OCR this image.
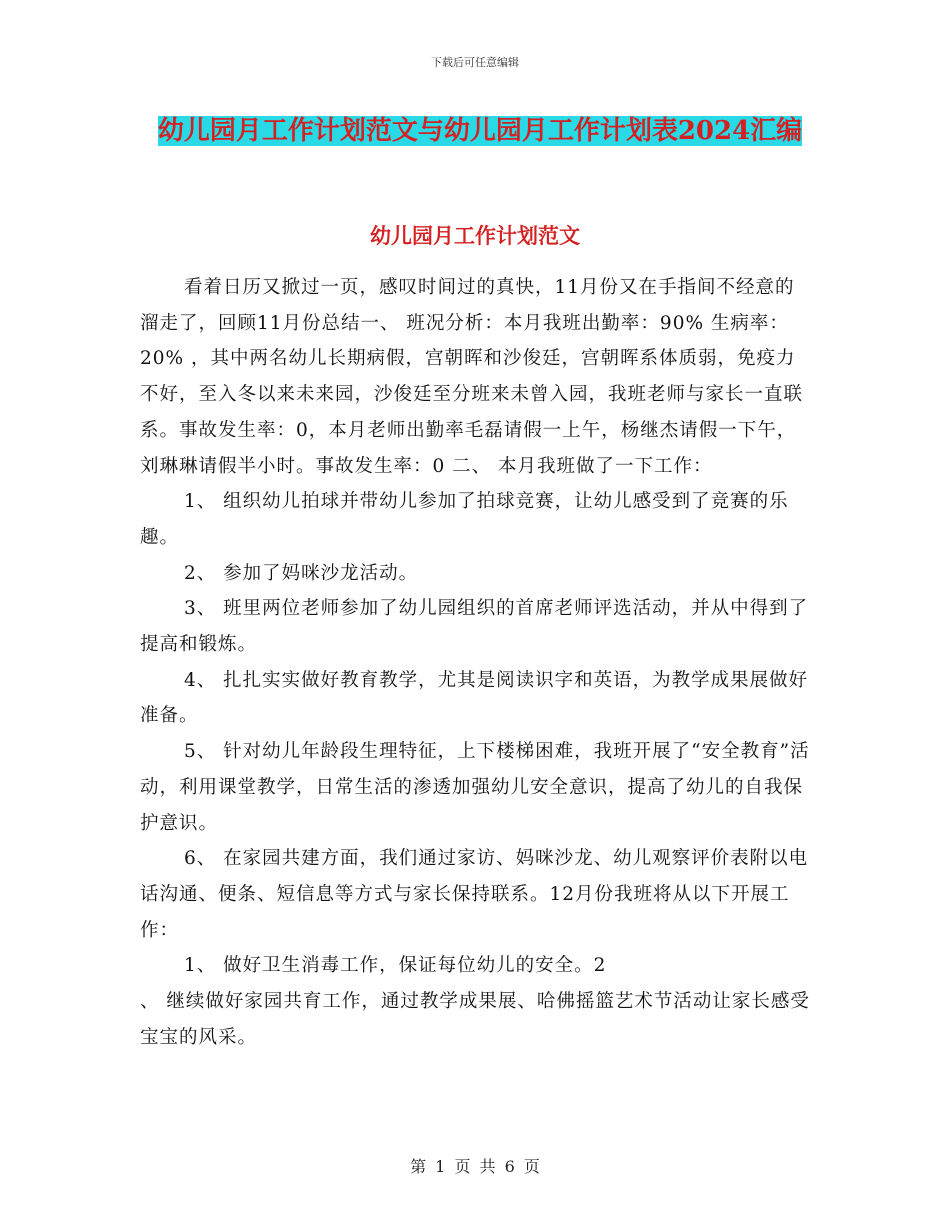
下载后可任意编辑
幼儿园月工作计划范文与幼儿园月工作计划表2024汇编
幼儿园月工作计划范文

看着日历又掀过一页，感叹时间过的真快，11月份又在手指间不经意的溜走了，回顾11月份总结一、 班况分析：本月我班出勤率：90% 生病率：20% ，其中两名幼儿长期病假，宫朝晖和沙俊廷，宫朝晖系体质弱，免疫力不好，至入冬以来未来园，沙俊廷至分班来未曾入园，我班老师与家长一直联系。事故发生率：0，本月老师出勤率毛磊请假一上午，杨继杰请假一下午，刘琳琳请假半小时。事故发生率：0 二、 本月我班做了一下工作：

1、 组织幼儿拍球并带幼儿参加了拍球竞赛，让幼儿感受到了竞赛的乐趣。

2、 参加了妈咪沙龙活动。

3、 班里两位老师参加了幼儿园组织的首席老师评选活动，并从中得到了提高和锻炼。

4、 扎扎实实做好教育教学，尤其是阅读识字和英语，为教学成果展做好准备。

5、 针对幼儿年龄段生理特征，上下楼梯困难，我班开展了“安全教育”活动，利用课堂教学，日常生活的渗透加强幼儿安全意识，提高了幼儿的自我保护意识。

6、 在家园共建方面，我们通过家访、妈咪沙龙、幼儿观察评价表附以电话沟通、便条、短信息等方式与家长保持联系。12月份我班将从以下开展工作：

1、 做好卫生消毒工作，保证每位幼儿的安全。2

、 继续做好家园共育工作，通过教学成果展、哈佛摇篮艺术节活动让家长感受宝宝的风采。

第 1 页 共 6 页
